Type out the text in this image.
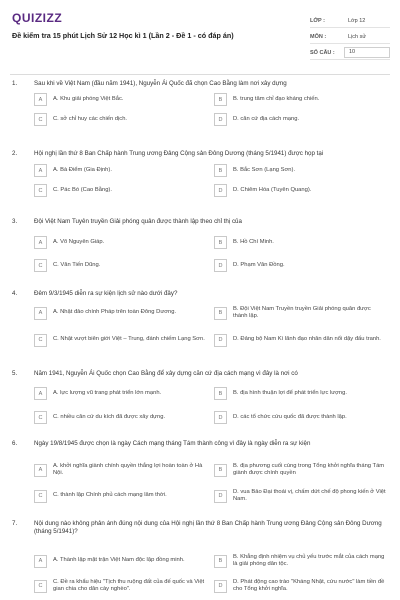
QUIZIZZ
Đề kiểm tra 15 phút Lịch Sử 12 Học kì 1 (Lần 2 - Đề 1 - có đáp án)
LỚP :	Lớp 12
MÔN :	Lịch sử
SỐ CÂU :	10
1.	Sau khi về Việt Nam (đầu năm 1941), Nguyễn Ái Quốc đã chọn Cao Bằng làm nơi xây dựng
A	A. Khu giải phóng Việt Bắc.	B	B. trung tâm chỉ đạo kháng chiến.
C	C. sở chỉ huy các chiến dịch.	D	D. căn cứ địa cách mạng.
2.	Hội nghị lần thứ 8 Ban Chấp hành Trung ương Đảng Cộng sản Đông Dương (tháng 5/1941) được họp tại
A	A. Bà Điểm (Gia Định).	B	B. Bắc Sơn (Lạng Sơn).
C	C. Pác Bó (Cao Bằng).	D	D. Chiêm Hóa (Tuyên Quang).
3.	Đội Việt Nam Tuyên truyền Giải phóng quân được thành lập theo chỉ thị của
A	A. Võ Nguyên Giáp.	B	B. Hồ Chí Minh.
C	C. Văn Tiến Dũng.	D	D. Phạm Văn Đồng.
4.	Đêm 9/3/1945 diễn ra sự kiện lịch sử nào dưới đây?
A	A. Nhật đảo chính Pháp trên toàn Đông Dương.	B
B. Đội Việt Nam Truyền truyền Giải phóng quân được thành lập.
C	C. Nhật vượt biên giới Việt – Trung, đánh chiếm Lạng Sơn.	D	D. Đảng bộ Nam Kì lãnh đạo nhân dân nổi dậy đấu tranh.
5.	Năm 1941, Nguyễn Ái Quốc chọn Cao Bằng để xây dựng căn cứ địa cách mạng vì đây là nơi có
A	A. lực lượng vũ trang phát triển lớn mạnh.	B	B. địa hình thuận lợi để phát triển lực lượng.
C	C. nhiều căn cứ du kích đã được xây dựng.	D	D. các tổ chức cứu quốc đã được thành lập.
6.	Ngày 19/8/1945 được chọn là ngày Cách mạng tháng Tám thành công vì đây là ngày diễn ra sự kiện
A
A. khởi nghĩa giành chính quyền thắng lợi hoàn toàn ở Hà Nội.	B
B. địa phương cuối cùng trong Tổng khởi nghĩa tháng Tám giành được chính quyền
C	C. thành lập Chính phủ cách mạng lâm thời.	D
D. vua Bảo Đại thoái vị, chấm dứt chế độ phong kiến ở Việt Nam.
7.	Nội dung nào không phản ánh đúng nội dung của Hội nghị lần thứ 8 Ban Chấp hành Trung ương Đảng Cộng sản Đông Dương (tháng 5/1941)?
A	A. Thành lập mặt trận Việt Nam độc lập đồng minh.	B
B. Khẳng định nhiệm vụ chủ yếu trước mắt của cách mạng là giải phóng dân tộc.
C
C. Đề ra khẩu hiệu "Tịch thu ruộng đất của đế quốc và Việt gian chia cho dân cày nghèo".	D
D. Phát động cao trào "Kháng Nhật, cứu nước" làm tiền đề cho Tổng khởi nghĩa.
